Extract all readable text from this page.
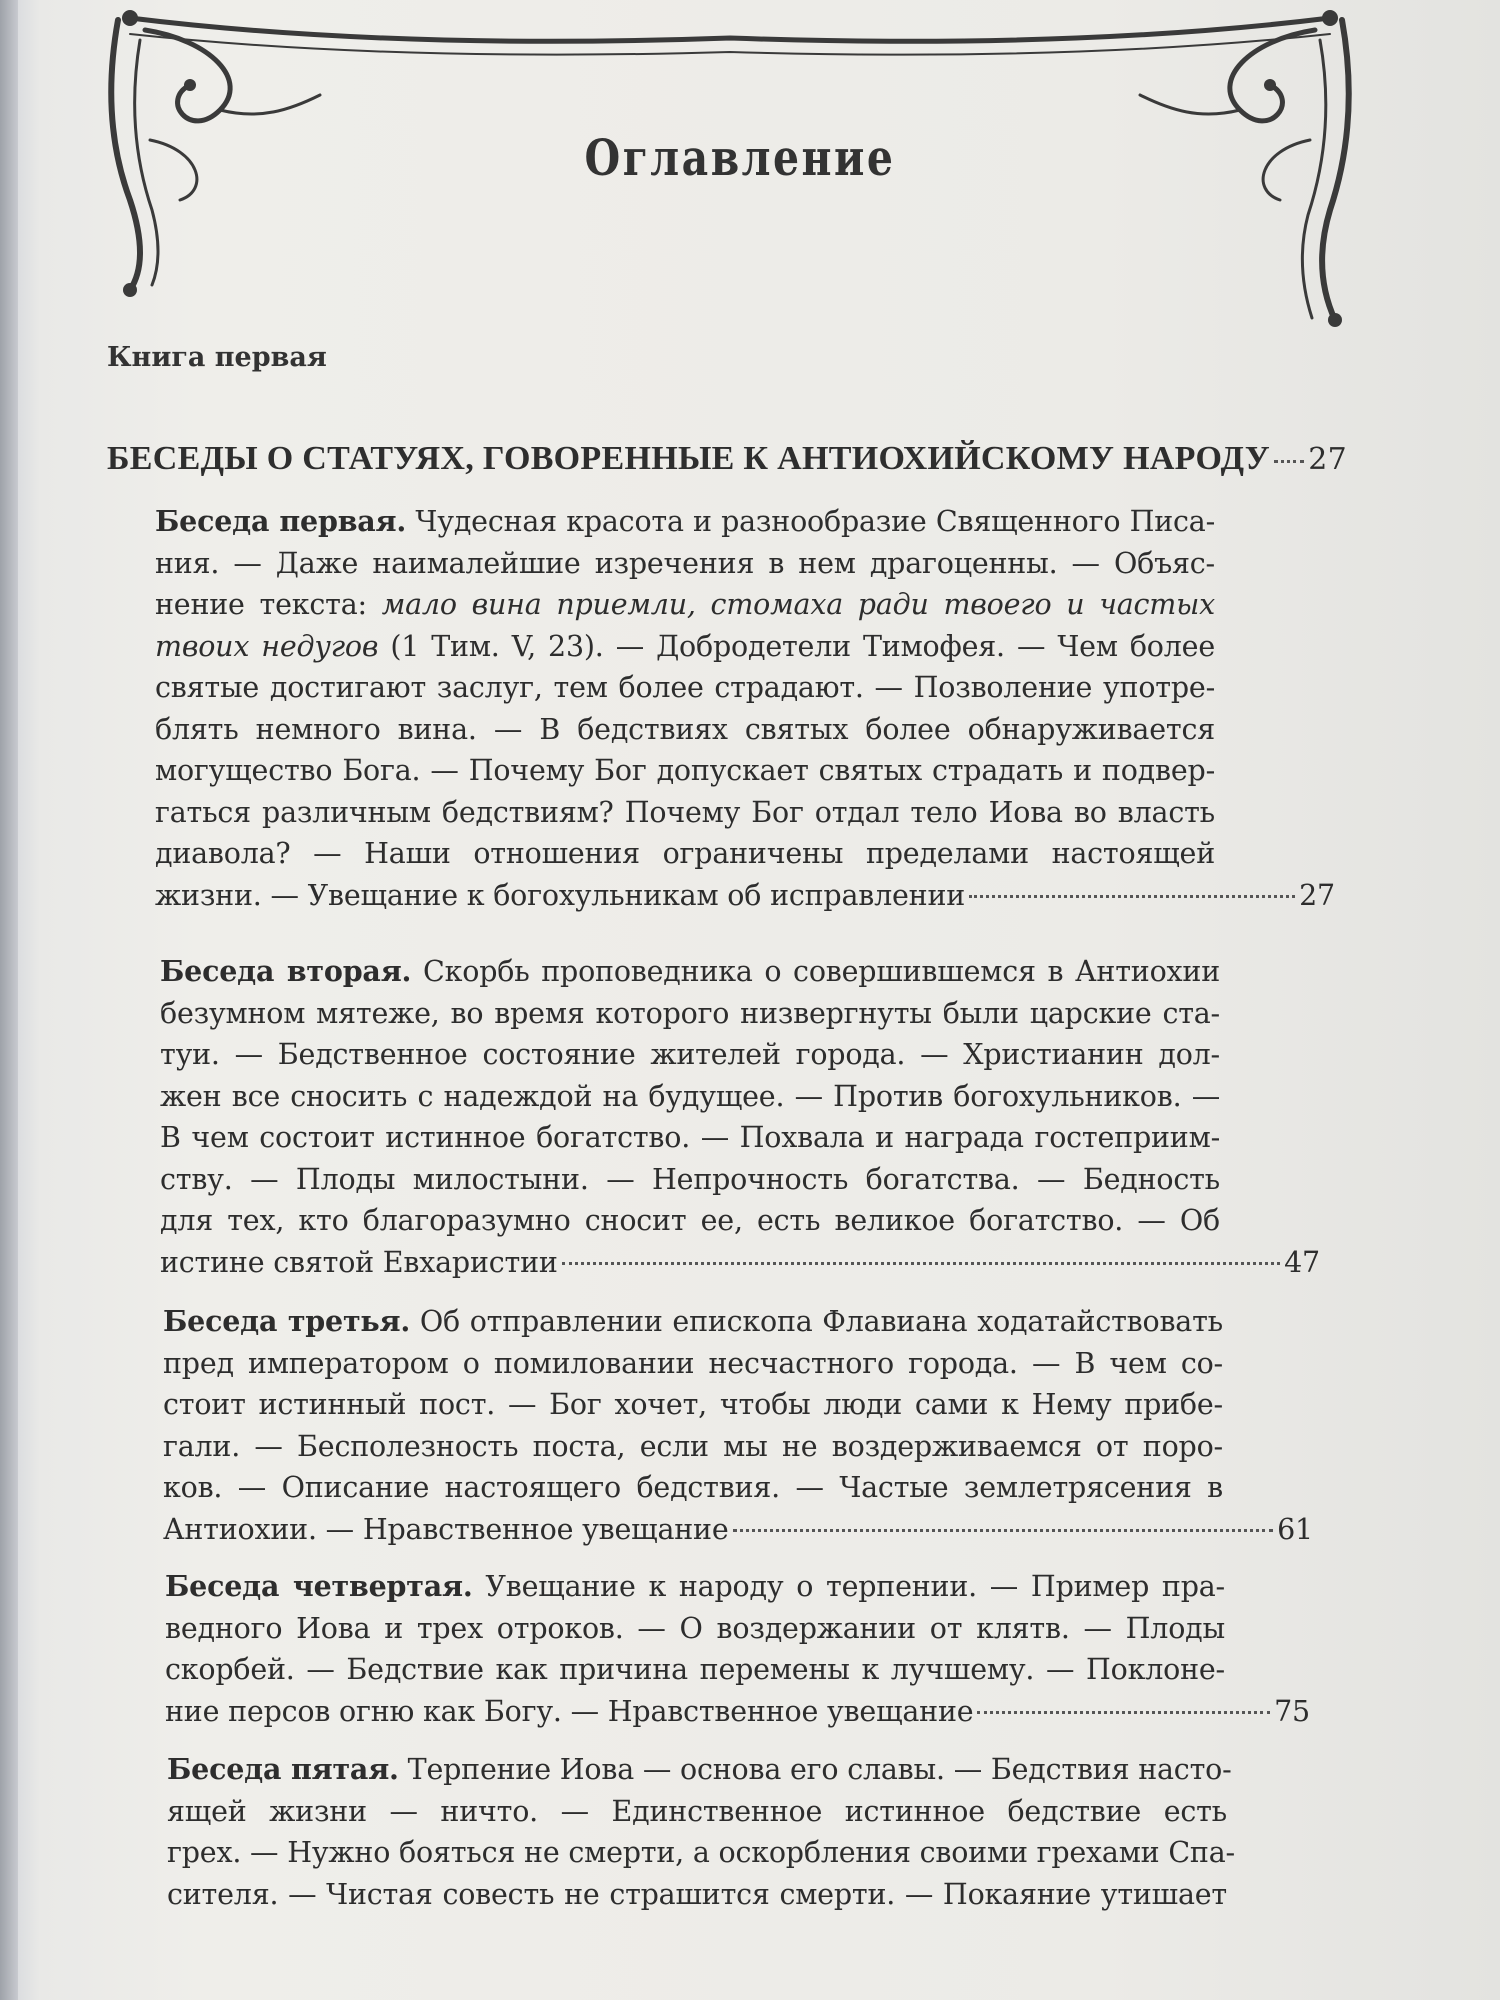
Оглавление
Книга первая
БЕСЕДЫ О СТАТУЯХ, ГОВОРЕННЫЕ К АНТИОХИЙСКОМУ НАРОДУ 27
Беседа первая. Чудесная красота и разнообразие Священного Писа-
ния. — Даже наималейшие изречения в нем драгоценны. — Объяс-
нение текста: мало вина приемли, стомаха ради твоего и частых
твоих недугов (1 Тим. V, 23). — Добродетели Тимофея. — Чем более
святые достигают заслуг, тем более страдают. — Позволение употре-
блять немного вина. — В бедствиях святых более обнаруживается
могущество Бога. — Почему Бог допускает святых страдать и подвер-
гаться различным бедствиям? Почему Бог отдал тело Иова во власть
диавола? — Наши отношения ограничены пределами настоящей
жизни. — Увещание к богохульникам об исправлении	27
Беседа вторая. Скорбь проповедника о совершившемся в Антиохии
безумном мятеже, во время которого низвергнуты были царские ста-
туи. — Бедственное состояние жителей города. — Христианин дол-
жен все сносить с надеждой на будущее. — Против богохульников. —
В чем состоит истинное богатство. — Похвала и награда гостеприим-
ству. — Плоды милостыни. — Непрочность богатства. — Бедность
для тех, кто благоразумно сносит ее, есть великое богатство. — Об
истине святой Евхаристии	47
Беседа третья. Об отправлении епископа Флавиана ходатайствовать
пред императором о помиловании несчастного города. — В чем со-
стоит истинный пост. — Бог хочет, чтобы люди сами к Нему прибе-
гали. — Бесполезность поста, если мы не воздерживаемся от поро-
ков. — Описание настоящего бедствия. — Частые землетрясения в
Антиохии. — Нравственное увещание	61
Беседа четвертая. Увещание к народу о терпении. — Пример пра-
ведного Иова и трех отроков. — О воздержании от клятв. — Плоды
скорбей. — Бедствие как причина перемены к лучшему. — Поклоне-
ние персов огню как Богу. — Нравственное увещание	75
Беседа пятая. Терпение Иова — основа его славы. — Бедствия насто-
ящей жизни — ничто. — Единственное истинное бедствие есть
грех. — Нужно бояться не смерти, а оскорбления своими грехами Спа-
сителя. — Чистая совесть не страшится смерти. — Покаяние утишает
